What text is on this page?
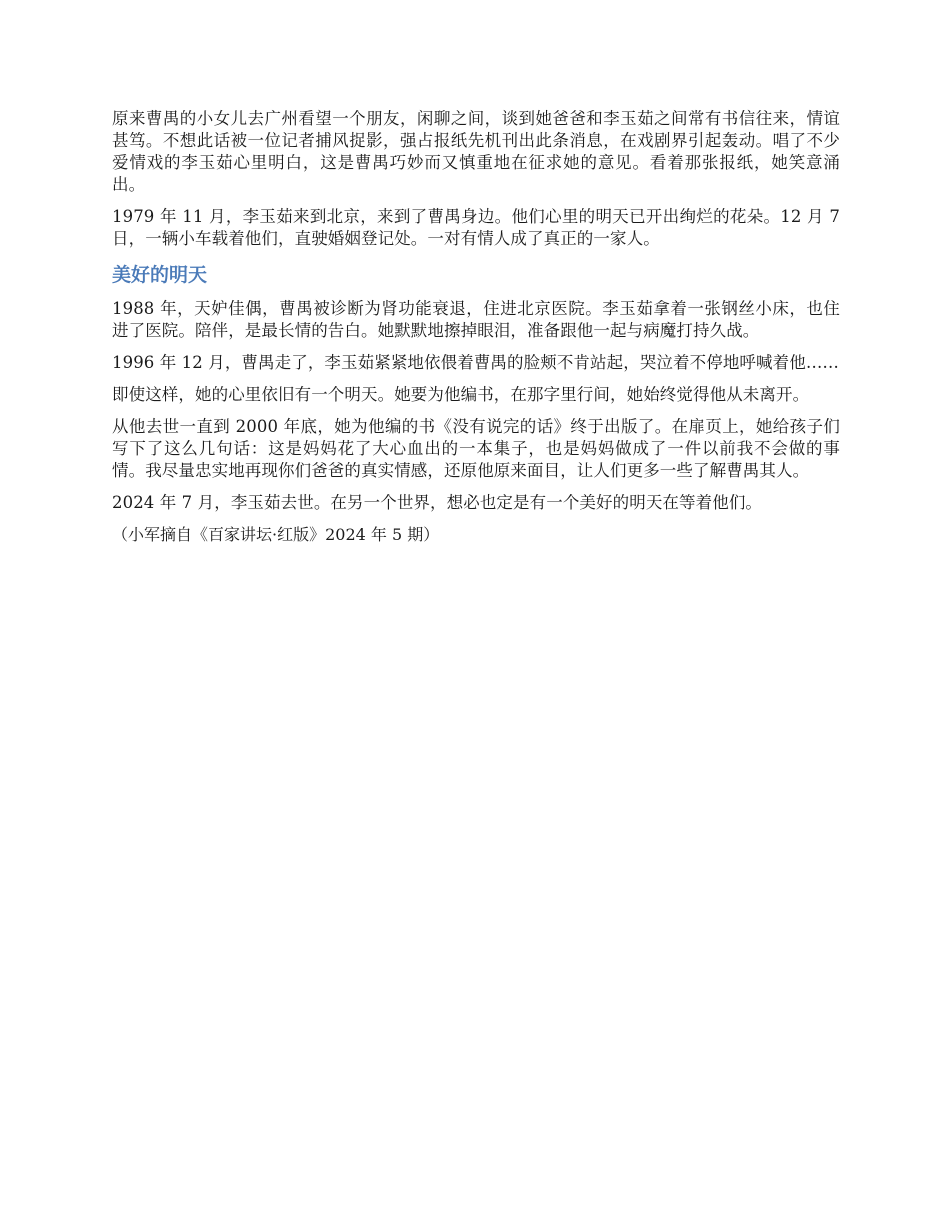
原来曹禺的小女儿去广州看望一个朋友，闲聊之间，谈到她爸爸和李玉茹之间常有书信往来，情谊甚笃。不想此话被一位记者捕风捉影，强占报纸先机刊出此条消息，在戏剧界引起轰动。唱了不少爱情戏的李玉茹心里明白，这是曹禺巧妙而又慎重地在征求她的意见。看着那张报纸，她笑意涌出。

1979 年 11 月，李玉茹来到北京，来到了曹禺身边。他们心里的明天已开出绚烂的花朵。12 月 7 日，一辆小车载着他们，直驶婚姻登记处。一对有情人成了真正的一家人。

美好的明天

1988 年，天妒佳偶，曹禺被诊断为肾功能衰退，住进北京医院。李玉茹拿着一张钢丝小床，也住进了医院。陪伴，是最长情的告白。她默默地擦掉眼泪，准备跟他一起与病魔打持久战。

1996 年 12 月，曹禺走了，李玉茹紧紧地依偎着曹禺的脸颊不肯站起，哭泣着不停地呼喊着他……

即使这样，她的心里依旧有一个明天。她要为他编书，在那字里行间，她始终觉得他从未离开。

从他去世一直到 2000 年底，她为他编的书《没有说完的话》终于出版了。在扉页上，她给孩子们写下了这么几句话：这是妈妈花了大心血出的一本集子，也是妈妈做成了一件以前我不会做的事情。我尽量忠实地再现你们爸爸的真实情感，还原他原来面目，让人们更多一些了解曹禺其人。

2024 年 7 月，李玉茹去世。在另一个世界，想必也定是有一个美好的明天在等着他们。

（小军摘自《百家讲坛·红版》2024 年 5 期）
